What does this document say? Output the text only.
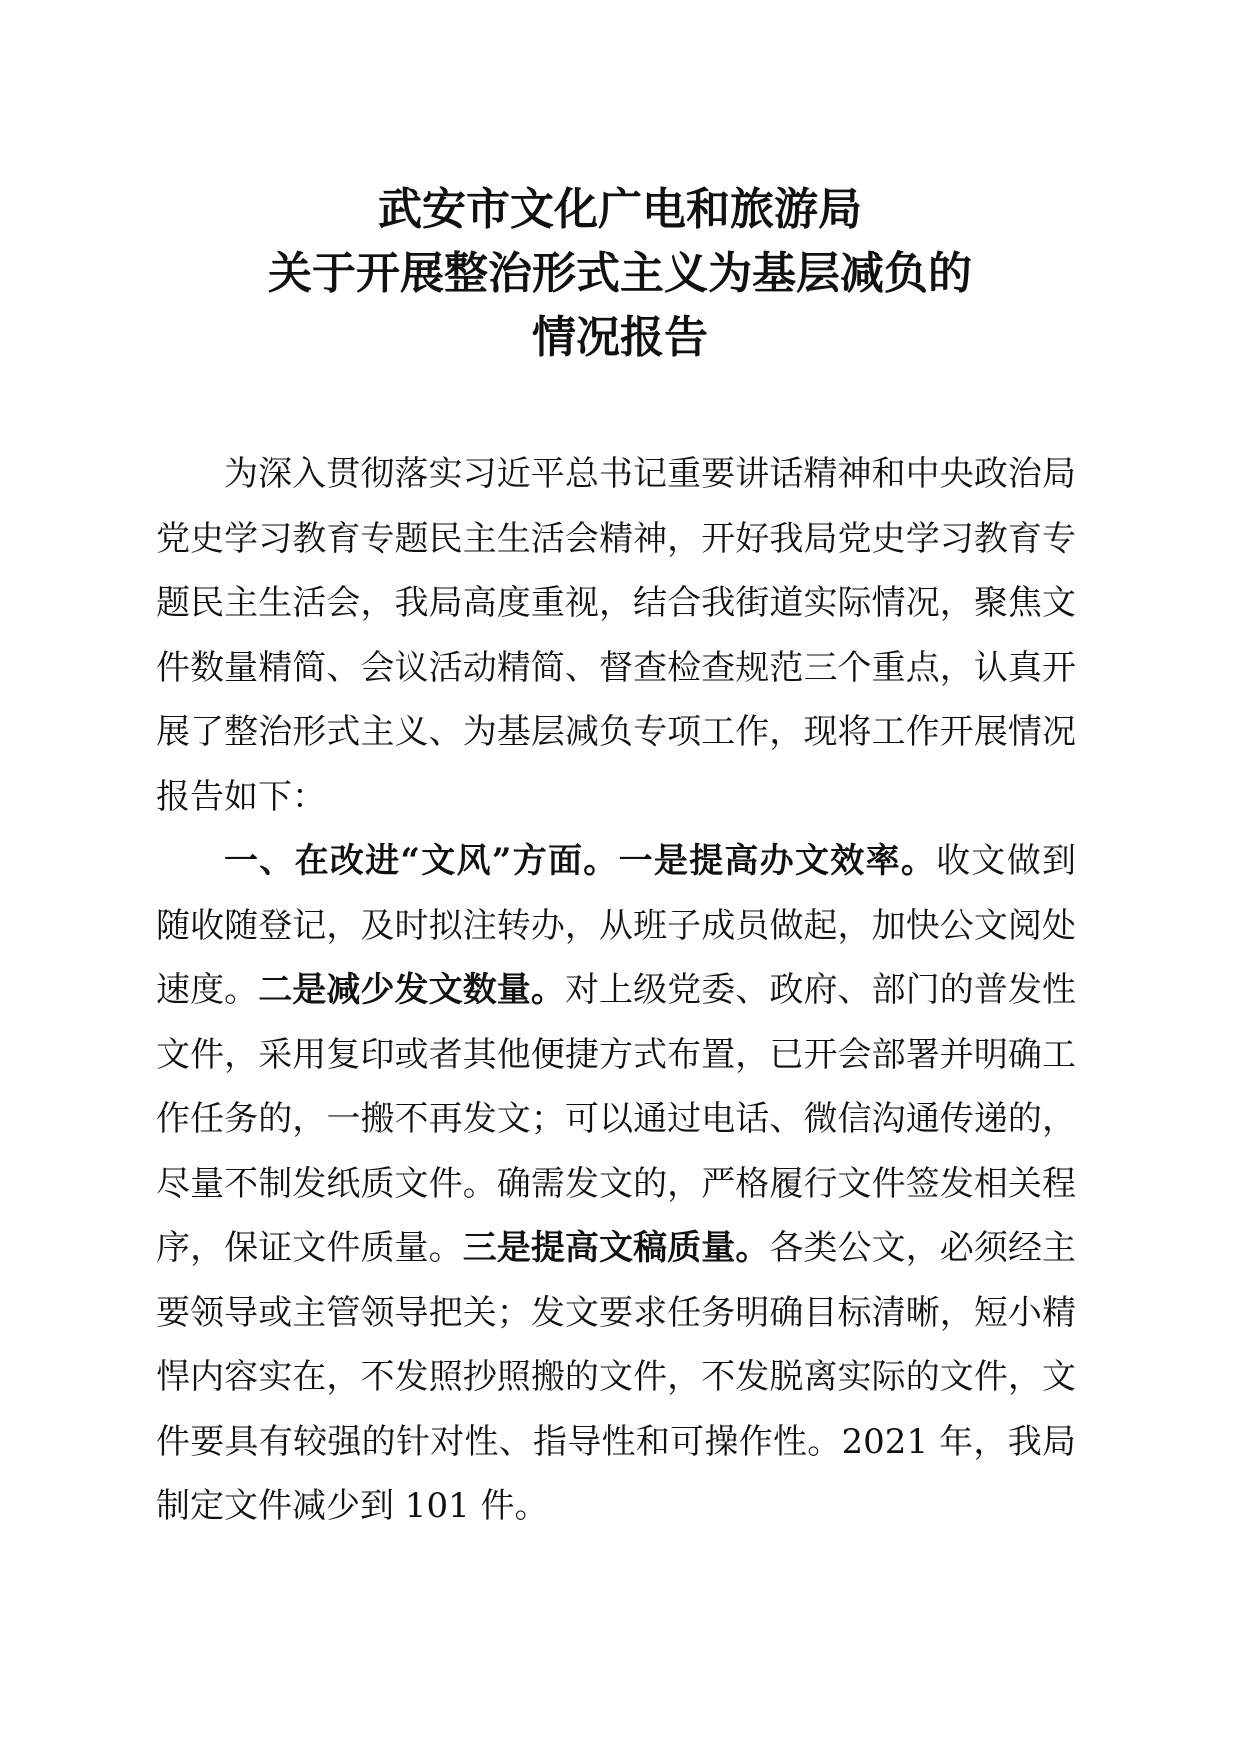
武安市文化广电和旅游局
关于开展整治形式主义为基层减负的
情况报告

为深入贯彻落实习近平总书记重要讲话精神和中央政治局党史学习教育专题民主生活会精神，开好我局党史学习教育专题民主生活会，我局高度重视，结合我街道实际情况，聚焦文件数量精简、会议活动精简、督查检查规范三个重点，认真开展了整治形式主义、为基层减负专项工作，现将工作开展情况报告如下：

一、在改进“文风”方面。一是提高办文效率。收文做到随收随登记，及时拟注转办，从班子成员做起，加快公文阅处速度。二是减少发文数量。对上级党委、政府、部门的普发性文件，采用复印或者其他便捷方式布置，已开会部署并明确工作任务的，一搬不再发文；可以通过电话、微信沟通传递的，尽量不制发纸质文件。确需发文的，严格履行文件签发相关程序，保证文件质量。三是提高文稿质量。各类公文，必须经主要领导或主管领导把关；发文要求任务明确目标清晰，短小精悍内容实在，不发照抄照搬的文件，不发脱离实际的文件，文件要具有较强的针对性、指导性和可操作性。2021 年，我局制定文件减少到 101 件。
